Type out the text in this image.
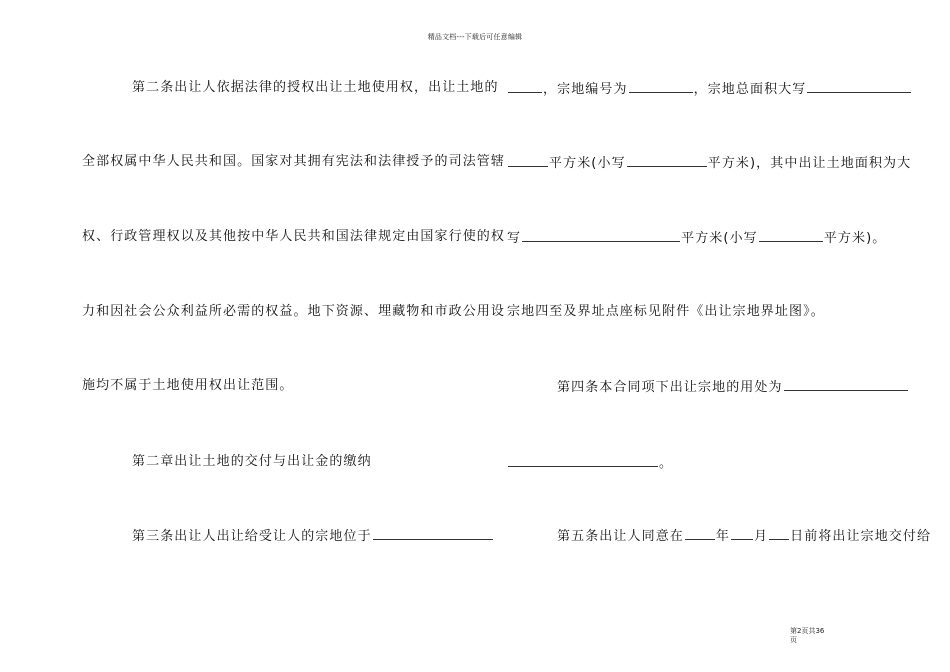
精品文档---下载后可任意编辑
第二条出让人依据法律的授权出让土地使用权，出让土地的
全部权属中华人民共和国。国家对其拥有宪法和法律授予的司法管辖
权、行政管理权以及其他按中华人民共和国法律规定由国家行使的权
力和因社会公众利益所必需的权益。地下资源、埋藏物和市政公用设
施均不属于土地使用权出让范围。
第二章出让土地的交付与出让金的缴纳
第三条出让人出让给受让人的宗地位于
，宗地编号为	，宗地总面积大写
平方米(小写	平方米)，其中出让土地面积为大
写	平方米(小写	平方米)。
宗地四至及界址点座标见附件《出让宗地界址图》。
第四条本合同项下出让宗地的用处为
。
第五条出让人同意在 年 月 日前将出让宗地交付给
第2页共36
页
